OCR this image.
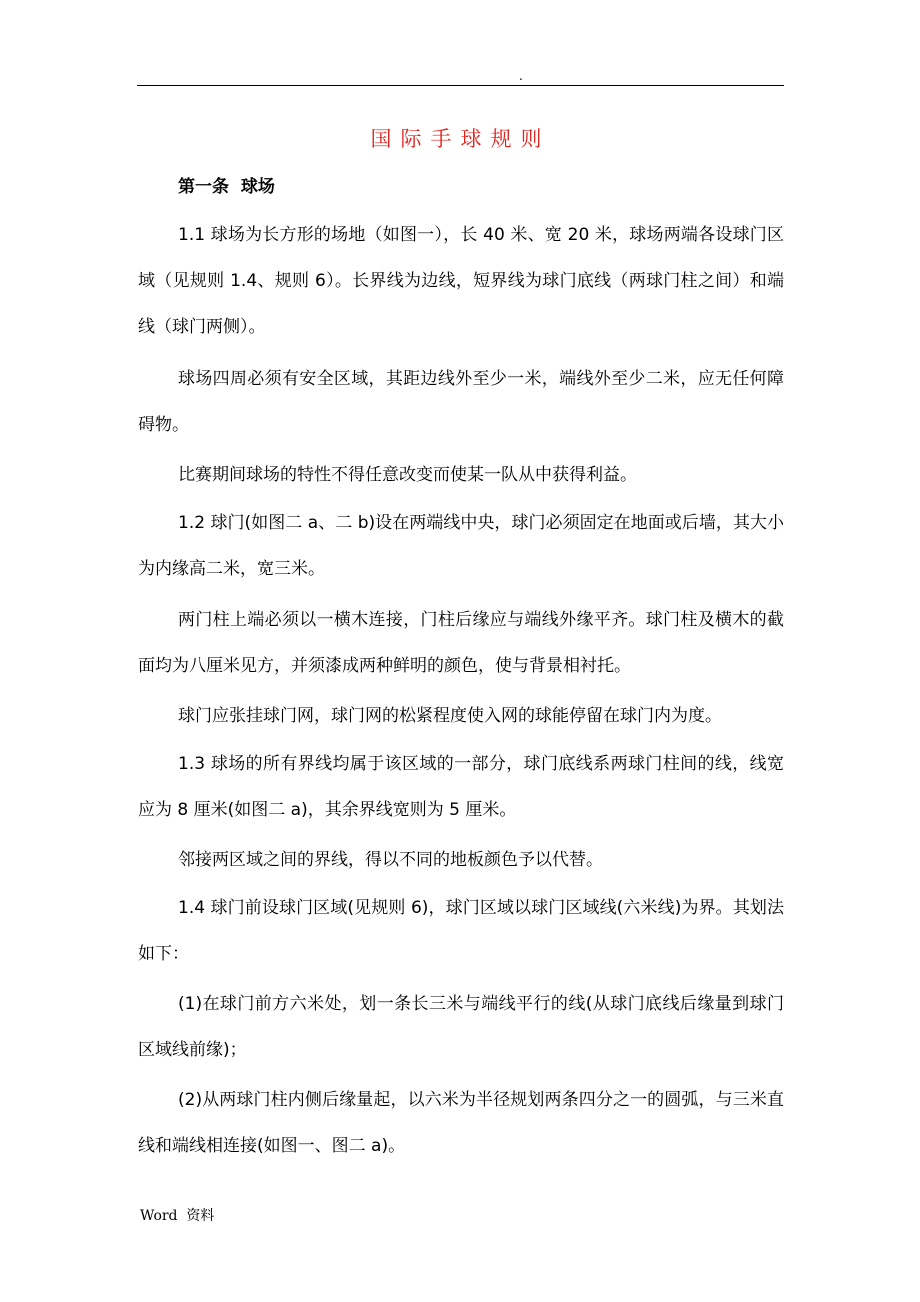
.
国际手球规则
第一条  球场

1.1 球场为长方形的场地（如图一），长 40 米、宽 20 米，球场两端各设球门区域（见规则 1.4、规则 6）。长界线为边线，短界线为球门底线（两球门柱之间）和端线（球门两侧）。

球场四周必须有安全区域，其距边线外至少一米，端线外至少二米，应无任何障碍物。

比赛期间球场的特性不得任意改变而使某一队从中获得利益。

1.2 球门(如图二 a、二 b)设在两端线中央，球门必须固定在地面或后墙，其大小为内缘高二米，宽三米。

两门柱上端必须以一横木连接，门柱后缘应与端线外缘平齐。球门柱及横木的截面均为八厘米见方，并须漆成两种鲜明的颜色，使与背景相衬托。

球门应张挂球门网，球门网的松紧程度使入网的球能停留在球门内为度。

1.3 球场的所有界线均属于该区域的一部分，球门底线系两球门柱间的线，线宽应为 8 厘米(如图二 a)，其余界线宽则为 5 厘米。

邻接两区域之间的界线，得以不同的地板颜色予以代替。

1.4 球门前设球门区域(见规则 6)，球门区域以球门区域线(六米线)为界。其划法如下：

(1)在球门前方六米处，划一条长三米与端线平行的线(从球门底线后缘量到球门区域线前缘)；

(2)从两球门柱内侧后缘量起，以六米为半径规划两条四分之一的圆弧，与三米直线和端线相连接(如图一、图二 a)。

Word  资料
